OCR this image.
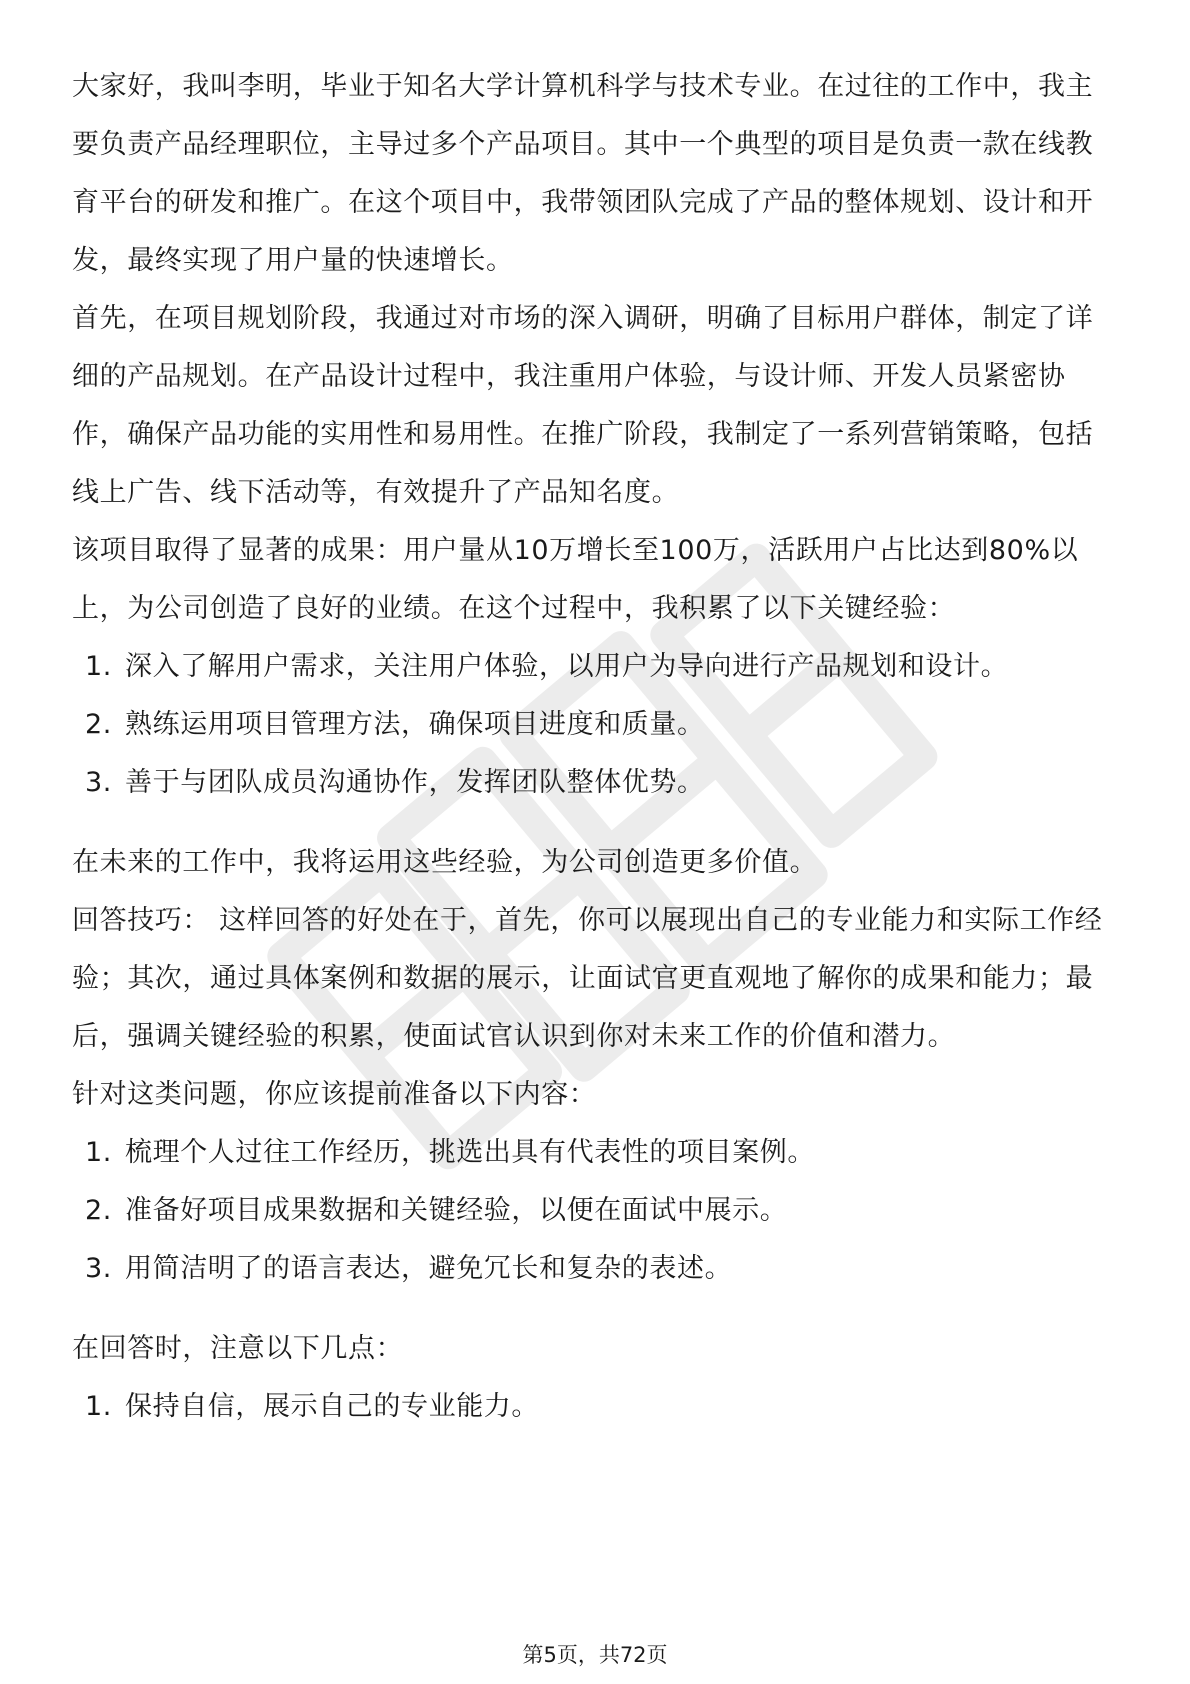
大家好，我叫李明，毕业于知名大学计算机科学与技术专业。在过往的工作中，我主要负责产品经理职位，主导过多个产品项目。其中一个典型的项目是负责一款在线教育平台的研发和推广。在这个项目中，我带领团队完成了产品的整体规划、设计和开发，最终实现了用户量的快速增长。

首先，在项目规划阶段，我通过对市场的深入调研，明确了目标用户群体，制定了详细的产品规划。在产品设计过程中，我注重用户体验，与设计师、开发人员紧密协作，确保产品功能的实用性和易用性。在推广阶段，我制定了一系列营销策略，包括线上广告、线下活动等，有效提升了产品知名度。

该项目取得了显著的成果：用户量从10万增长至100万，活跃用户占比达到80%以上，为公司创造了良好的业绩。在这个过程中，我积累了以下关键经验：

1. 深入了解用户需求，关注用户体验，以用户为导向进行产品规划和设计。
2. 熟练运用项目管理方法，确保项目进度和质量。
3. 善于与团队成员沟通协作，发挥团队整体优势。

在未来的工作中，我将运用这些经验，为公司创造更多价值。

回答技巧： 这样回答的好处在于，首先，你可以展现出自己的专业能力和实际工作经验；其次，通过具体案例和数据的展示，让面试官更直观地了解你的成果和能力；最后，强调关键经验的积累，使面试官认识到你对未来工作的价值和潜力。

针对这类问题，你应该提前准备以下内容：

1. 梳理个人过往工作经历，挑选出具有代表性的项目案例。
2. 准备好项目成果数据和关键经验，以便在面试中展示。
3. 用简洁明了的语言表达，避免冗长和复杂的表述。

在回答时，注意以下几点：

1. 保持自信，展示自己的专业能力。
第5页，共72页
